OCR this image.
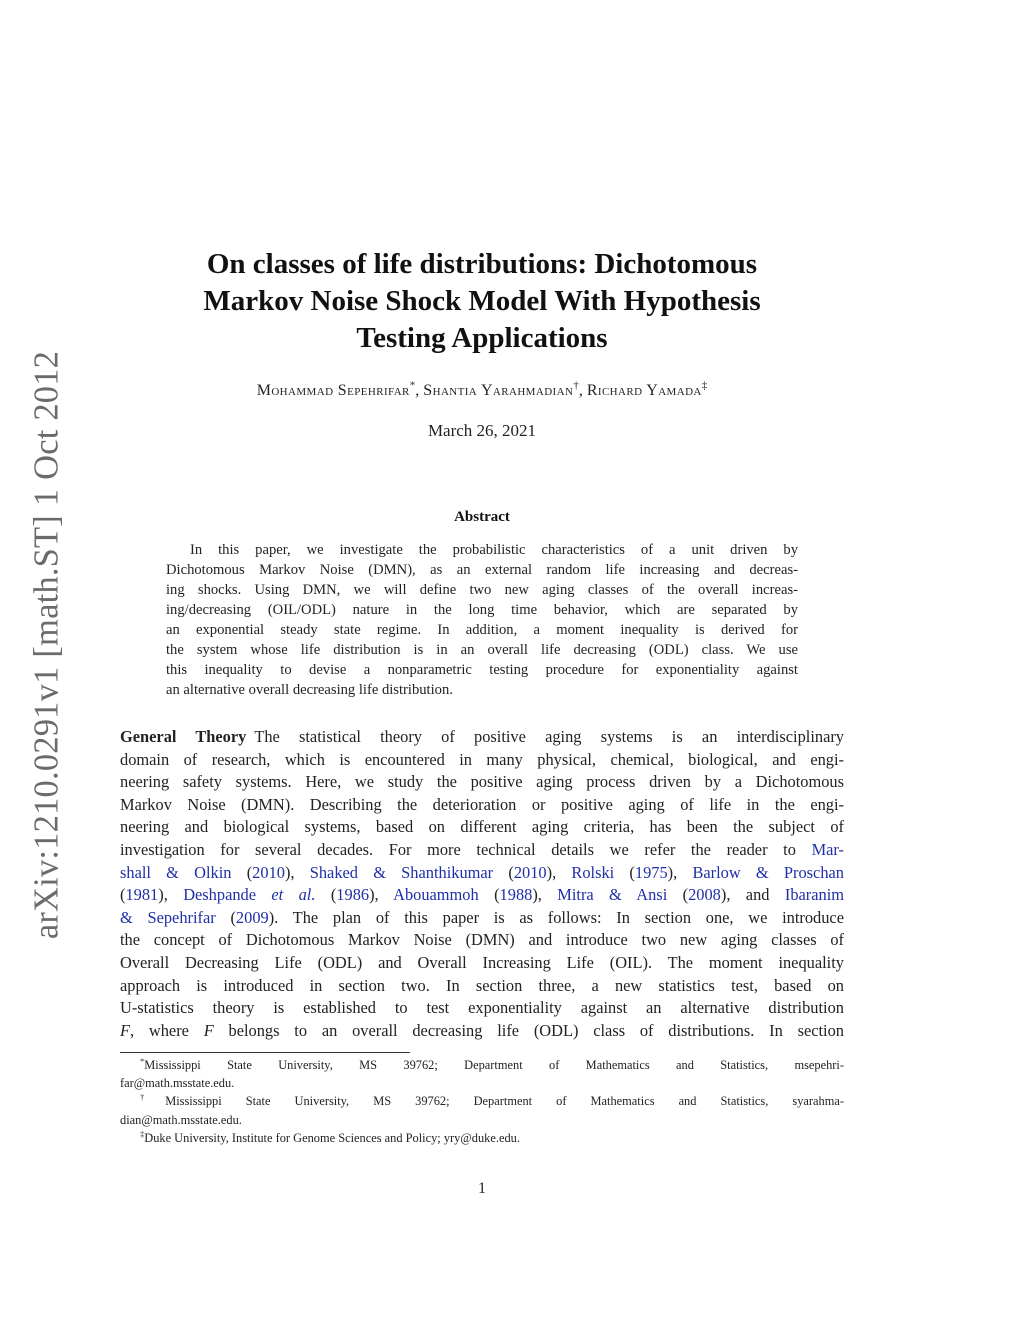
arXiv:1210.0291v1 [math.ST] 1 Oct 2012
On classes of life distributions: Dichotomous
Markov Noise Shock Model With Hypothesis
Testing Applications
Mohammad Sepehrifar*, Shantia Yarahmadian†, Richard Yamada‡
March 26, 2021
Abstract
In this paper, we investigate the probabilistic characteristics of a unit driven by
Dichotomous Markov Noise (DMN), as an external random life increasing and decreas-
ing shocks. Using DMN, we will define two new aging classes of the overall increas-
ing/decreasing (OIL/ODL) nature in the long time behavior, which are separated by
an exponential steady state regime. In addition, a moment inequality is derived for
the system whose life distribution is in an overall life decreasing (ODL) class. We use
this inequality to devise a nonparametric testing procedure for exponentiality against
an alternative overall decreasing life distribution.
General Theory The statistical theory of positive aging systems is an interdisciplinary
domain of research, which is encountered in many physical, chemical, biological, and engi-
neering safety systems. Here, we study the positive aging process driven by a Dichotomous
Markov Noise (DMN). Describing the deterioration or positive aging of life in the engi-
neering and biological systems, based on different aging criteria, has been the subject of
investigation for several decades. For more technical details we refer the reader to Mar-
shall & Olkin (2010), Shaked & Shanthikumar (2010), Rolski (1975), Barlow & Proschan
(1981), Deshpande et al. (1986), Abouammoh (1988), Mitra & Ansi (2008), and Ibaranim
& Sepehrifar (2009). The plan of this paper is as follows: In section one, we introduce
the concept of Dichotomous Markov Noise (DMN) and introduce two new aging classes of
Overall Decreasing Life (ODL) and Overall Increasing Life (OIL). The moment inequality
approach is introduced in section two. In section three, a new statistics test, based on
U-statistics theory is established to test exponentiality against an alternative distribution
F, where F belongs to an overall decreasing life (ODL) class of distributions. In section
*Mississippi State University, MS 39762; Department of Mathematics and Statistics, msepehri-
far@math.msstate.edu.
†Mississippi State University, MS 39762; Department of Mathematics and Statistics, syarahma-
dian@math.msstate.edu.
‡Duke University, Institute for Genome Sciences and Policy; yry@duke.edu.
1
